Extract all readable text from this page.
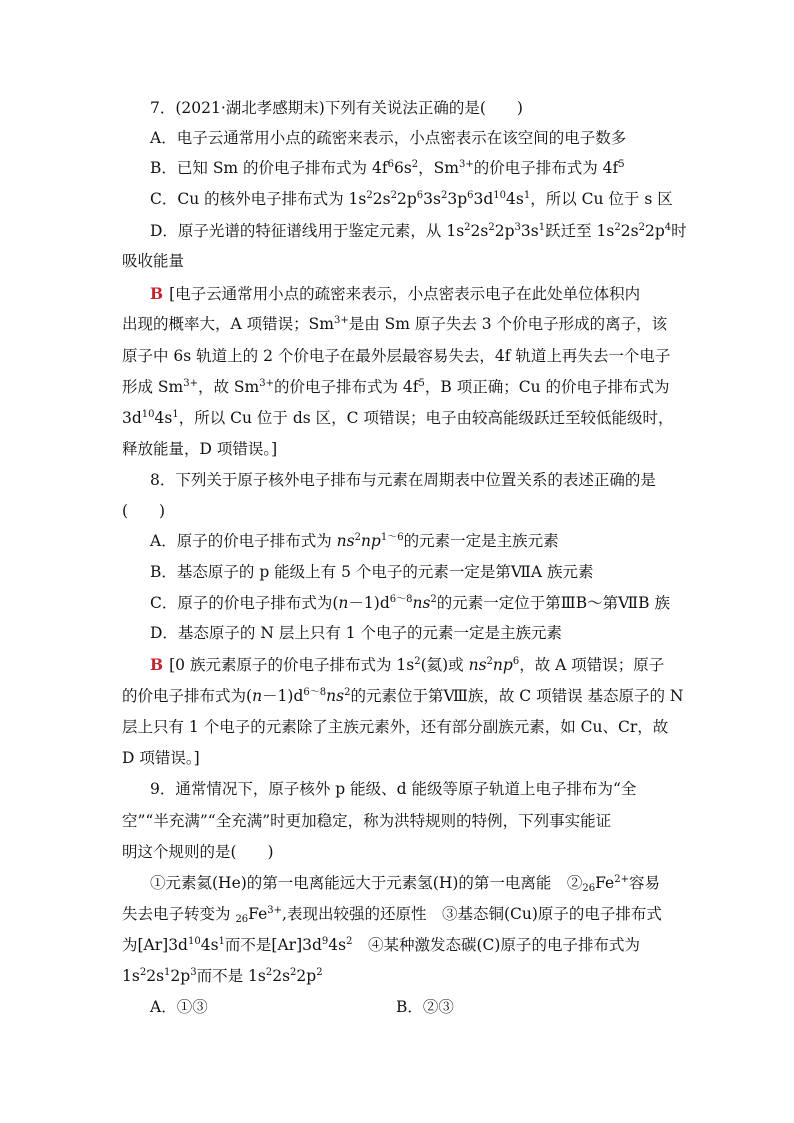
7．(2021·湖北孝感期末)下列有关说法正确的是(　　)
A．电子云通常用小点的疏密来表示，小点密表示在该空间的电子数多
B．已知 Sm 的价电子排布式为 $4f^66s^2$，$Sm^{3+}$的价电子排布式为 $4f^5$
C．Cu 的核外电子排布式为 $1s^22s^22p^63s^23p^63d^{10}4s^1$，所以 Cu 位于 s 区
D．原子光谱的特征谱线用于鉴定元素，从 $1s^22s^22p^33s^1$跃迁至 $1s^22s^22p^4$时
吸收能量
B [电子云通常用小点的疏密来表示，小点密表示电子在此处单位体积内
出现的概率大，A 项错误；$Sm^{3+}$是由 Sm 原子失去 3 个价电子形成的离子，该
原子中 6s 轨道上的 2 个价电子在最外层最容易失去，4f 轨道上再失去一个电子
形成 $Sm^{3+}$，故 $Sm^{3+}$的价电子排布式为 $4f^5$，B 项正确；Cu 的价电子排布式为
$3d^{10}4s^1$，所以 Cu 位于 ds 区，C 项错误；电子由较高能级跃迁至较低能级时，
释放能量，D 项错误。]
8．下列关于原子核外电子排布与元素在周期表中位置关系的表述正确的是
(　　)
A．原子的价电子排布式为 $ns^2np^{1\sim 6}$的元素一定是主族元素
B．基态原子的 p 能级上有 5 个电子的元素一定是第ⅦA 族元素
C．原子的价电子排布式为$(n-1)d^{6\sim 8}ns^2$的元素一定位于第ⅢB～第ⅦB 族
D．基态原子的 N 层上只有 1 个电子的元素一定是主族元素
B [0 族元素原子的价电子排布式为 $1s^2$(氦)或 $ns^2np^6$，故 A 项错误；原子
的价电子排布式为$(n-1)d^{6\sim 8}ns^2$的元素位于第Ⅷ族，故 C 项错误 基态原子的 N
层上只有 1 个电子的元素除了主族元素外，还有部分副族元素，如 Cu、Cr，故
D 项错误。]
9．通常情况下，原子核外 p 能级、d 能级等原子轨道上电子排布为“全
空”“半充满”“全充满”时更加稳定，称为洪特规则的特例，下列事实能证
明这个规则的是(　　)
①元素氦(He)的第一电离能远大于元素氢(H)的第一电离能　$②_{26}Fe^{2+}$容易
失去电子转变为 $_{26}Fe^{3+}$,表现出较强的还原性　③基态铜(Cu)原子的电子排布式
为$[Ar]3d^{10}4s^1$而不是$[Ar]3d^94s^2$　④某种激发态碳(C)原子的电子排布式为
$1s^22s^12p^3$而不是 $1s^22s^22p^2$
A．①③	B．②③
